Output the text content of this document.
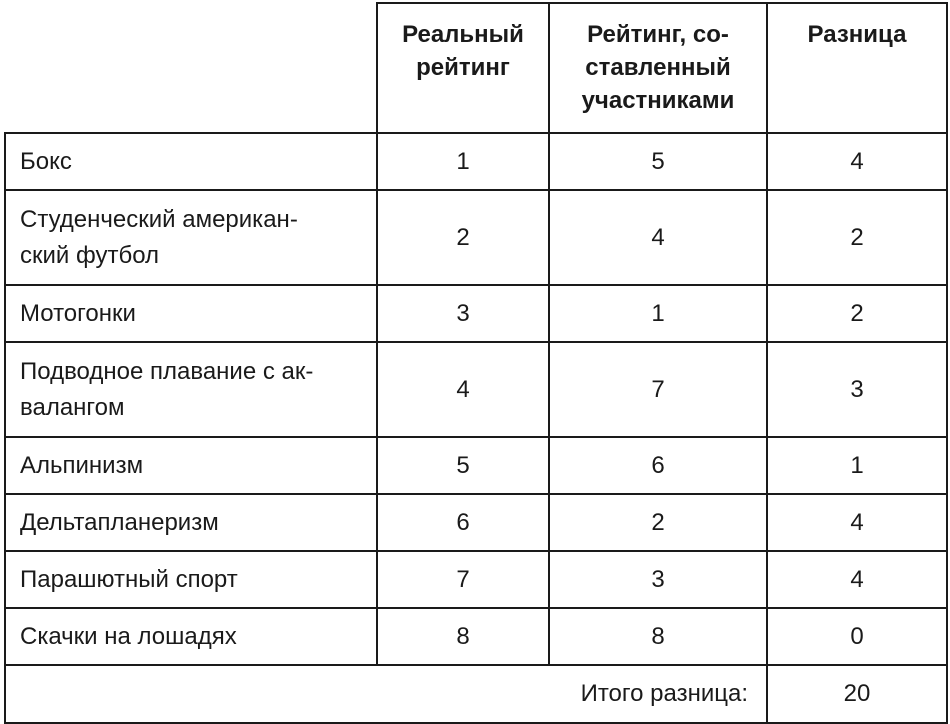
	Реальный
рейтинг	Рейтинг, со-
ставленный
участниками	Разница
Бокс	1	5	4
Студенческий американ-
ский футбол	2	4	2
Мотогонки	3	1	2
Подводное плавание с ак-
валангом	4	7	3
Альпинизм	5	6	1
Дельтапланеризм	6	2	4
Парашютный спорт	7	3	4
Скачки на лошадях	8	8	0
Итого разница:			20
